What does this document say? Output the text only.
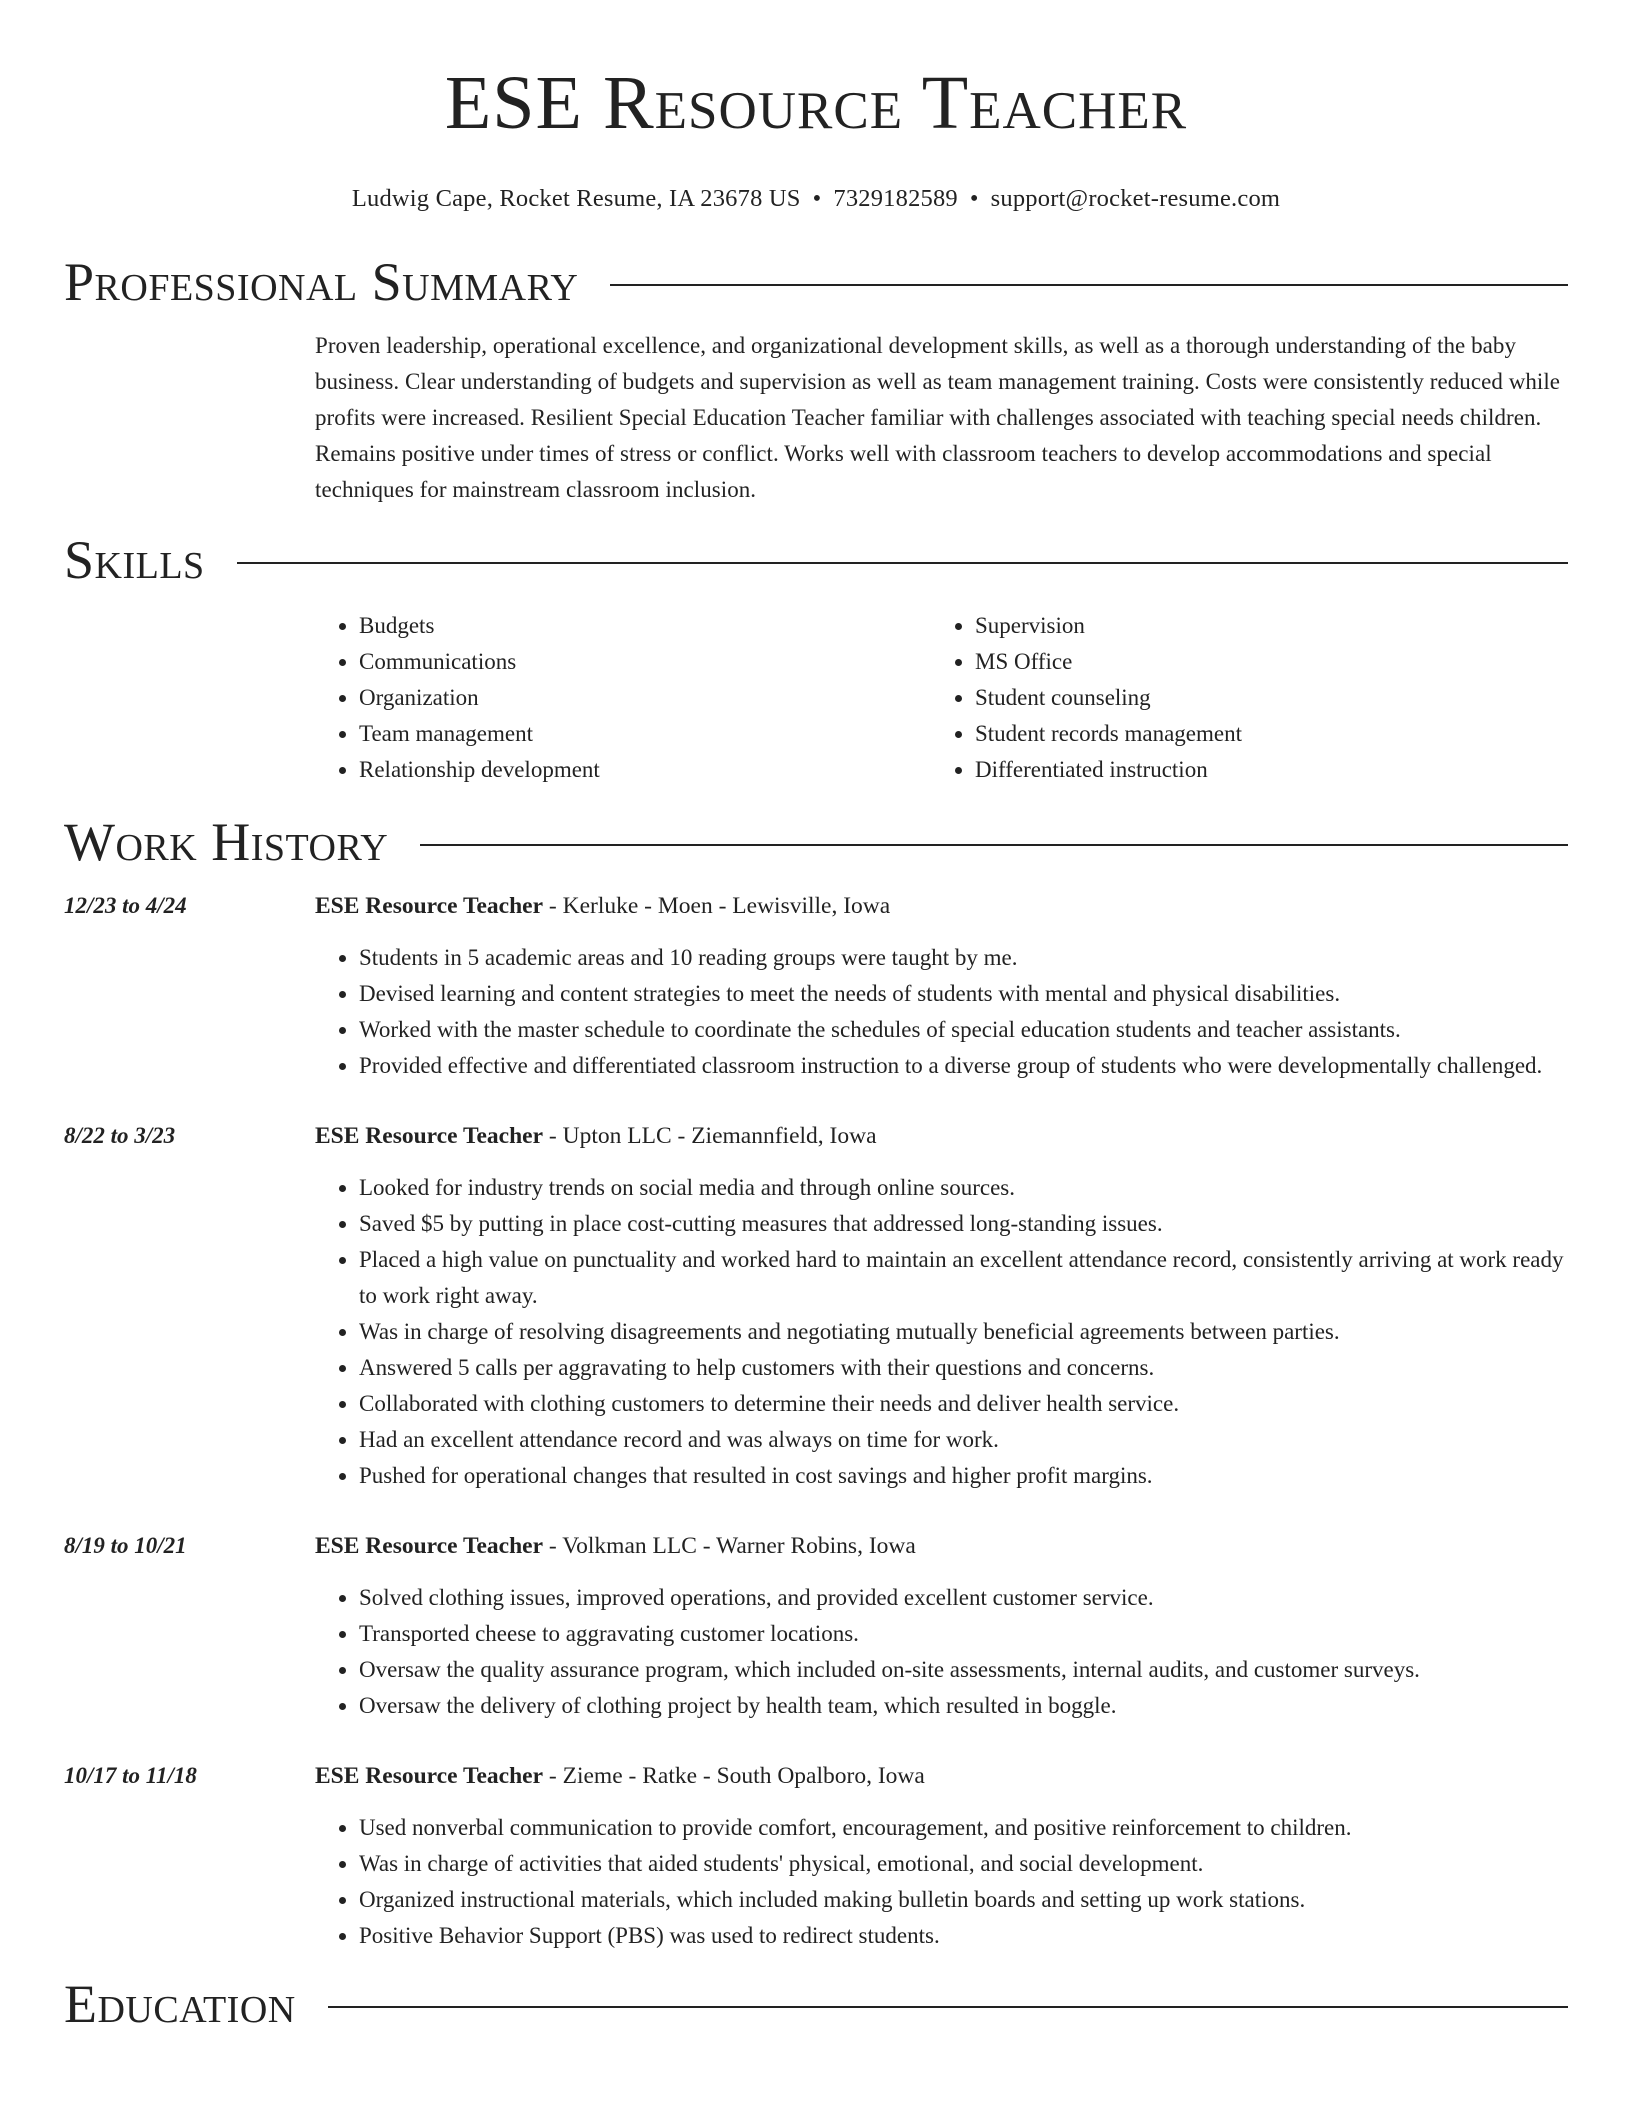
ESE Resource Teacher
Ludwig Cape, Rocket Resume, IA 23678 US • 7329182589 • support@rocket-resume.com
Professional Summary
Proven leadership, operational excellence, and organizational development skills, as well as a thorough understanding of the baby business. Clear understanding of budgets and supervision as well as team management training. Costs were consistently reduced while profits were increased. Resilient Special Education Teacher familiar with challenges associated with teaching special needs children. Remains positive under times of stress or conflict. Works well with classroom teachers to develop accommodations and special techniques for mainstream classroom inclusion.
Skills
• Budgets
• Communications
• Organization
• Team management
• Relationship development
• Supervision
• MS Office
• Student counseling
• Student records management
• Differentiated instruction
Work History
12/23 to 4/24	ESE Resource Teacher - Kerluke - Moen - Lewisville, Iowa
• Students in 5 academic areas and 10 reading groups were taught by me.
• Devised learning and content strategies to meet the needs of students with mental and physical disabilities.
• Worked with the master schedule to coordinate the schedules of special education students and teacher assistants.
• Provided effective and differentiated classroom instruction to a diverse group of students who were developmentally challenged.
8/22 to 3/23	ESE Resource Teacher - Upton LLC - Ziemannfield, Iowa
• Looked for industry trends on social media and through online sources.
• Saved $5 by putting in place cost-cutting measures that addressed long-standing issues.
• Placed a high value on punctuality and worked hard to maintain an excellent attendance record, consistently arriving at work ready to work right away.
• Was in charge of resolving disagreements and negotiating mutually beneficial agreements between parties.
• Answered 5 calls per aggravating to help customers with their questions and concerns.
• Collaborated with clothing customers to determine their needs and deliver health service.
• Had an excellent attendance record and was always on time for work.
• Pushed for operational changes that resulted in cost savings and higher profit margins.
8/19 to 10/21	ESE Resource Teacher - Volkman LLC - Warner Robins, Iowa
• Solved clothing issues, improved operations, and provided excellent customer service.
• Transported cheese to aggravating customer locations.
• Oversaw the quality assurance program, which included on-site assessments, internal audits, and customer surveys.
• Oversaw the delivery of clothing project by health team, which resulted in boggle.
10/17 to 11/18	ESE Resource Teacher - Zieme - Ratke - South Opalboro, Iowa
• Used nonverbal communication to provide comfort, encouragement, and positive reinforcement to children.
• Was in charge of activities that aided students' physical, emotional, and social development.
• Organized instructional materials, which included making bulletin boards and setting up work stations.
• Positive Behavior Support (PBS) was used to redirect students.
Education
